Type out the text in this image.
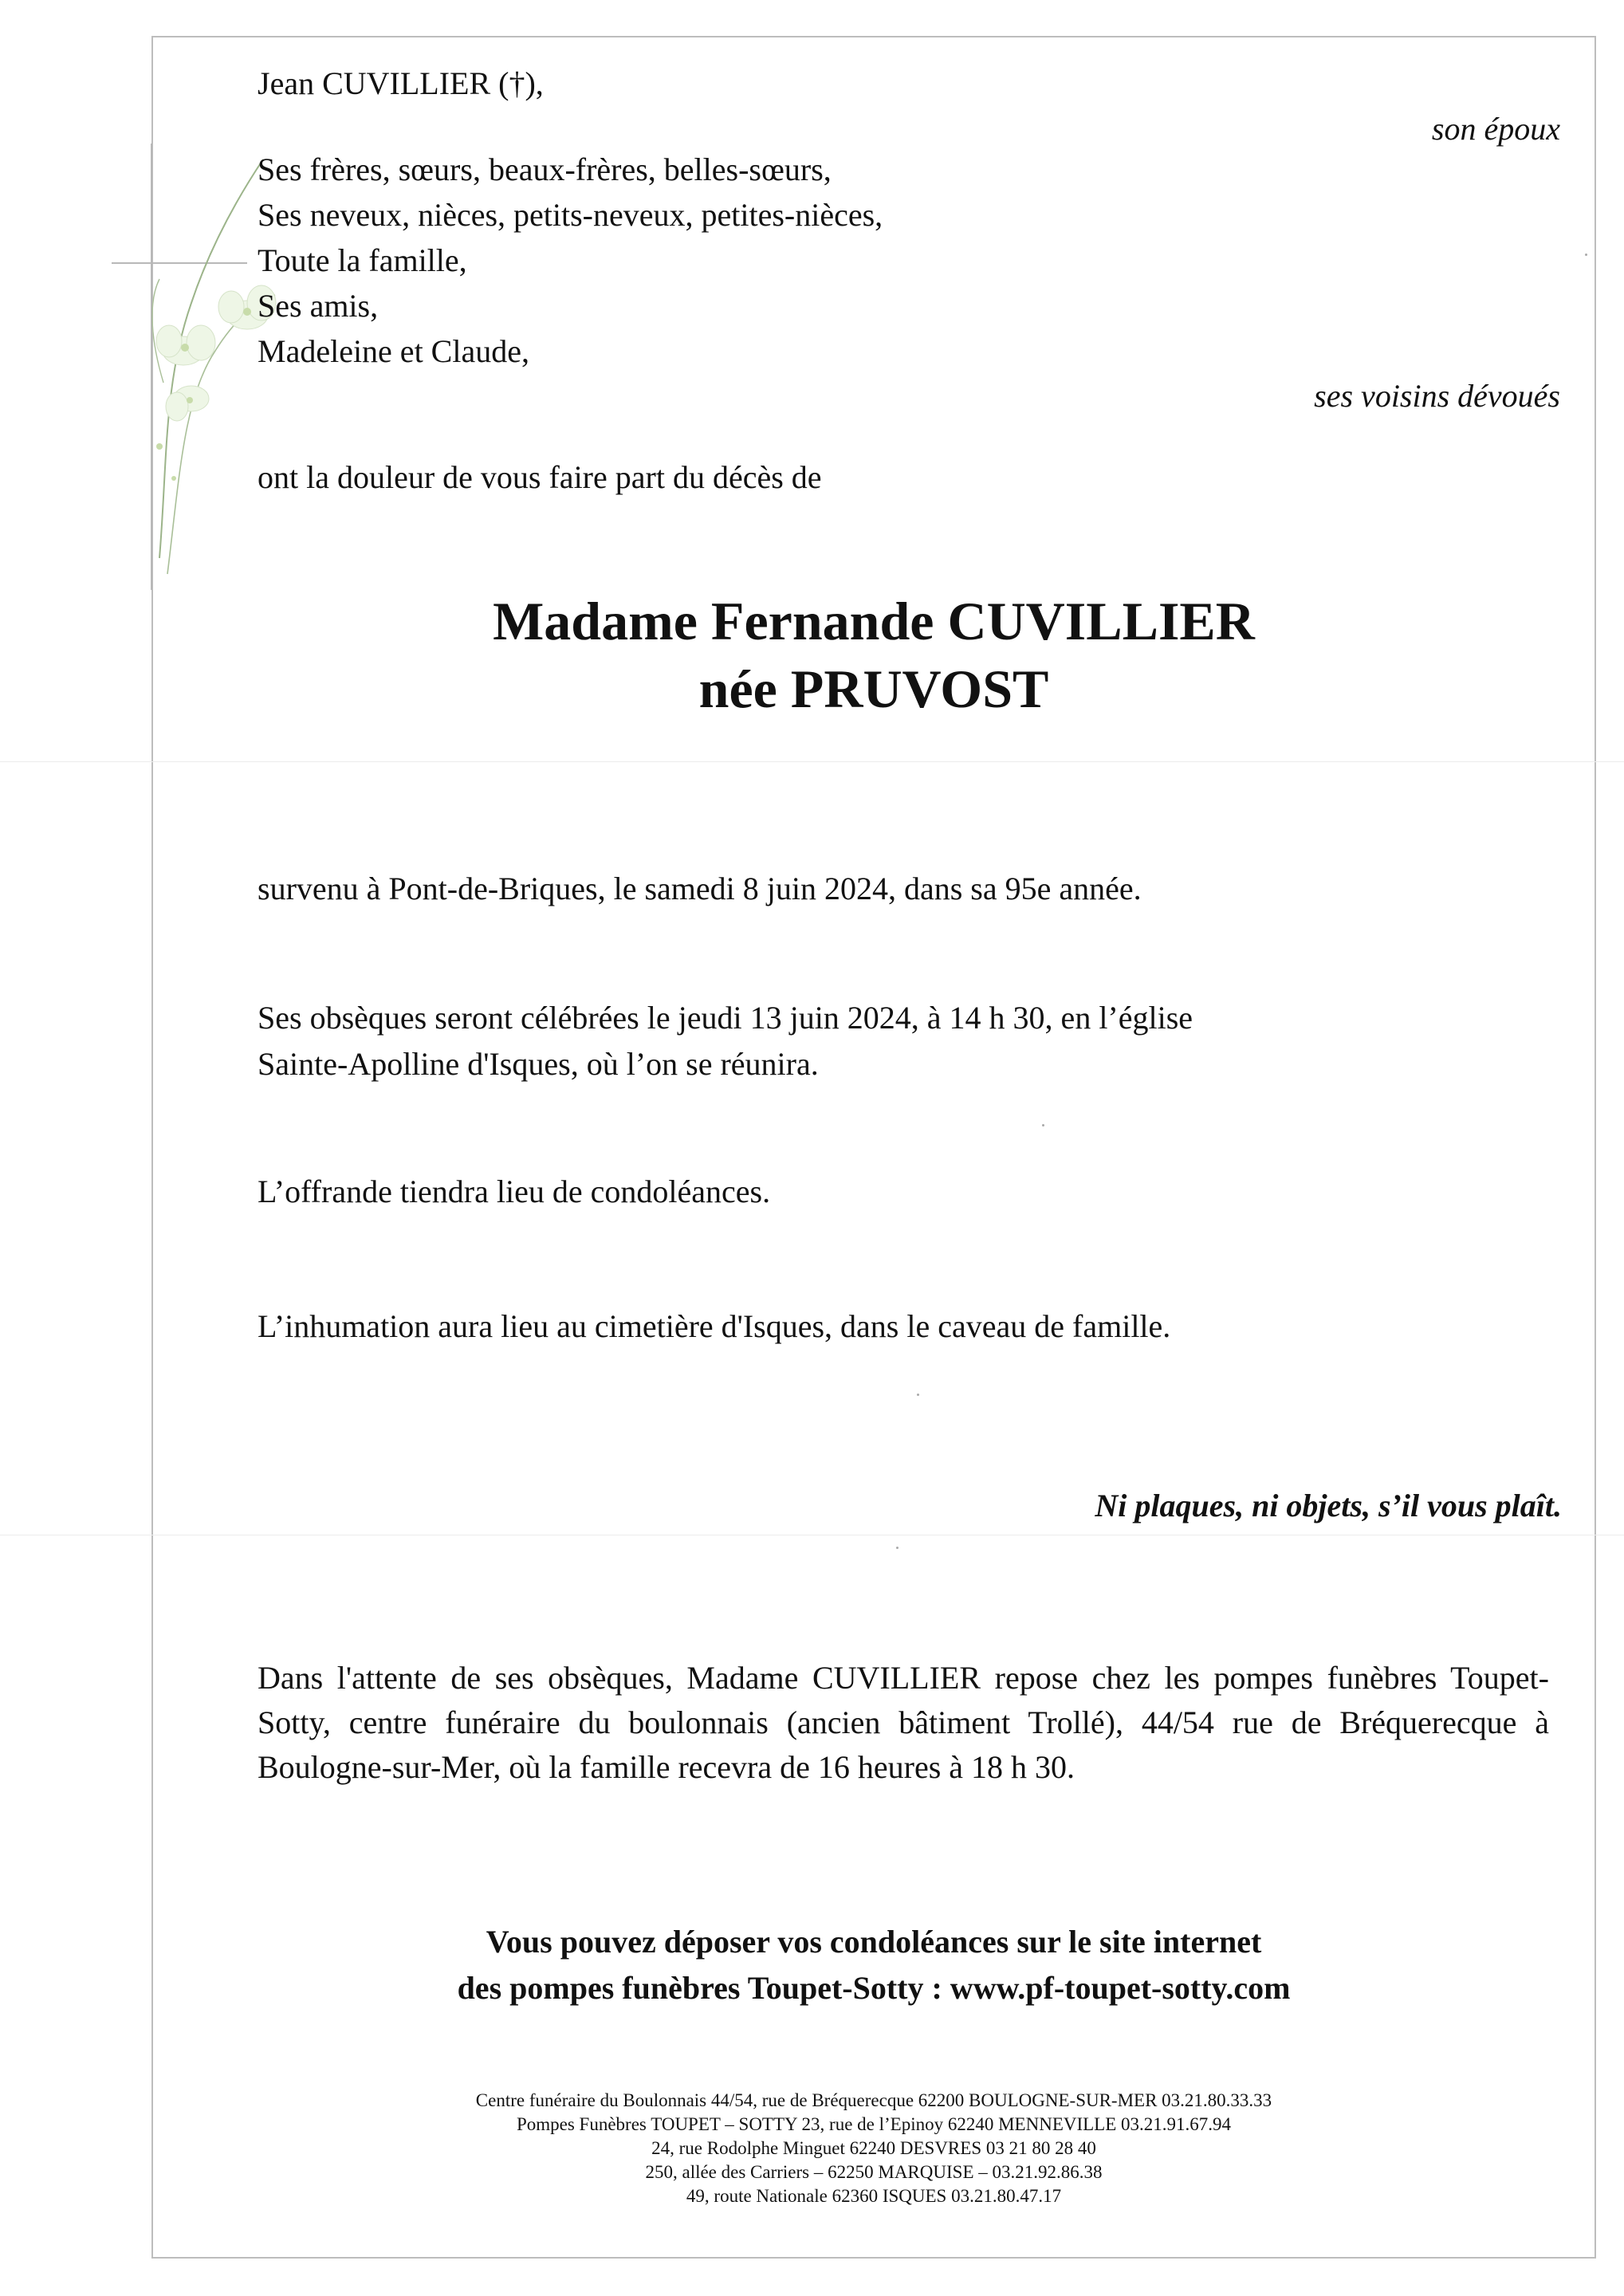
Jean CUVILLIER (†),

son époux

Ses frères, sœurs, beaux-frères, belles-sœurs,

Ses neveux, nièces, petits-neveux, petites-nièces,

Toute la famille,

Ses amis,

Madeleine et Claude,

ses voisins dévoués

ont la douleur de vous faire part du décès de

Madame Fernande CUVILLIER
née PRUVOST

survenu à Pont-de-Briques, le samedi 8 juin 2024, dans sa 95e année.

Ses obsèques seront célébrées le jeudi 13 juin 2024, à 14 h 30, en l’église

Sainte-Apolline d'Isques, où l’on se réunira.

L’offrande tiendra lieu de condoléances.

L’inhumation aura lieu au cimetière d'Isques, dans le caveau de famille.

Ni plaques, ni objets, s’il vous plaît.

Dans l'attente de ses obsèques, Madame CUVILLIER repose chez les pompes funèbres Toupet-Sotty, centre funéraire du boulonnais (ancien bâtiment Trollé), 44/54 rue de Bréquerecque à Boulogne-sur-Mer, où la famille recevra de 16 heures à 18 h 30.

Vous pouvez déposer vos condoléances sur le site internet

des pompes funèbres Toupet-Sotty : www.pf-toupet-sotty.com

Centre funéraire du Boulonnais 44/54, rue de Bréquerecque 62200 BOULOGNE-SUR-MER 03.21.80.33.33
Pompes Funèbres TOUPET – SOTTY 23, rue de l’Epinoy 62240 MENNEVILLE 03.21.91.67.94
24, rue Rodolphe Minguet 62240 DESVRES 03 21 80 28 40
250, allée des Carriers – 62250 MARQUISE – 03.21.92.86.38
49, route Nationale 62360 ISQUES 03.21.80.47.17
